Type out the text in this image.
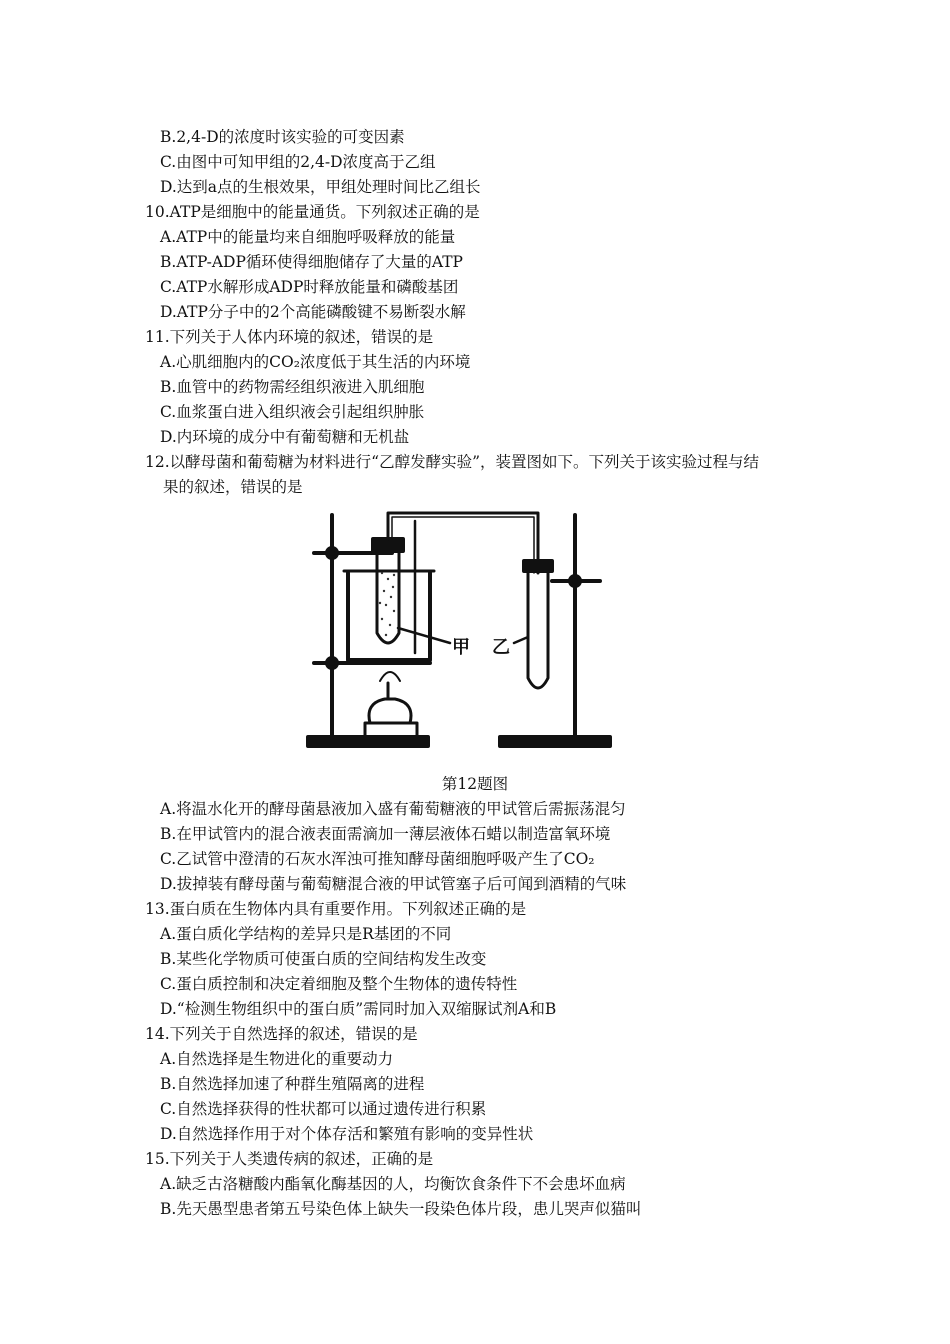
B.2,4-D的浓度时该实验的可变因素
C.由图中可知甲组的2,4-D浓度高于乙组
D.达到a点的生根效果，甲组处理时间比乙组长
10.ATP是细胞中的能量通货。下列叙述正确的是
A.ATP中的能量均来自细胞呼吸释放的能量
B.ATP-ADP循环使得细胞储存了大量的ATP
C.ATP水解形成ADP时释放能量和磷酸基团
D.ATP分子中的2个高能磷酸键不易断裂水解
11.下列关于人体内环境的叙述，错误的是
A.心肌细胞内的CO₂浓度低于其生活的内环境
B.血管中的药物需经组织液进入肌细胞
C.血浆蛋白进入组织液会引起组织肿胀
D.内环境的成分中有葡萄糖和无机盐
12.以酵母菌和葡萄糖为材料进行“乙醇发酵实验”，装置图如下。下列关于该实验过程与结
果的叙述，错误的是
甲 乙
第12题图
A.将温水化开的酵母菌悬液加入盛有葡萄糖液的甲试管后需振荡混匀
B.在甲试管内的混合液表面需滴加一薄层液体石蜡以制造富氧环境
C.乙试管中澄清的石灰水浑浊可推知酵母菌细胞呼吸产生了CO₂
D.拔掉装有酵母菌与葡萄糖混合液的甲试管塞子后可闻到酒精的气味
13.蛋白质在生物体内具有重要作用。下列叙述正确的是
A.蛋白质化学结构的差异只是R基团的不同
B.某些化学物质可使蛋白质的空间结构发生改变
C.蛋白质控制和决定着细胞及整个生物体的遗传特性
D.“检测生物组织中的蛋白质”需同时加入双缩脲试剂A和B
14.下列关于自然选择的叙述，错误的是
A.自然选择是生物进化的重要动力
B.自然选择加速了种群生殖隔离的进程
C.自然选择获得的性状都可以通过遗传进行积累
D.自然选择作用于对个体存活和繁殖有影响的变异性状
15.下列关于人类遗传病的叙述，正确的是
A.缺乏古洛糖酸内酯氧化酶基因的人，均衡饮食条件下不会患坏血病
B.先天愚型患者第五号染色体上缺失一段染色体片段，患儿哭声似猫叫
